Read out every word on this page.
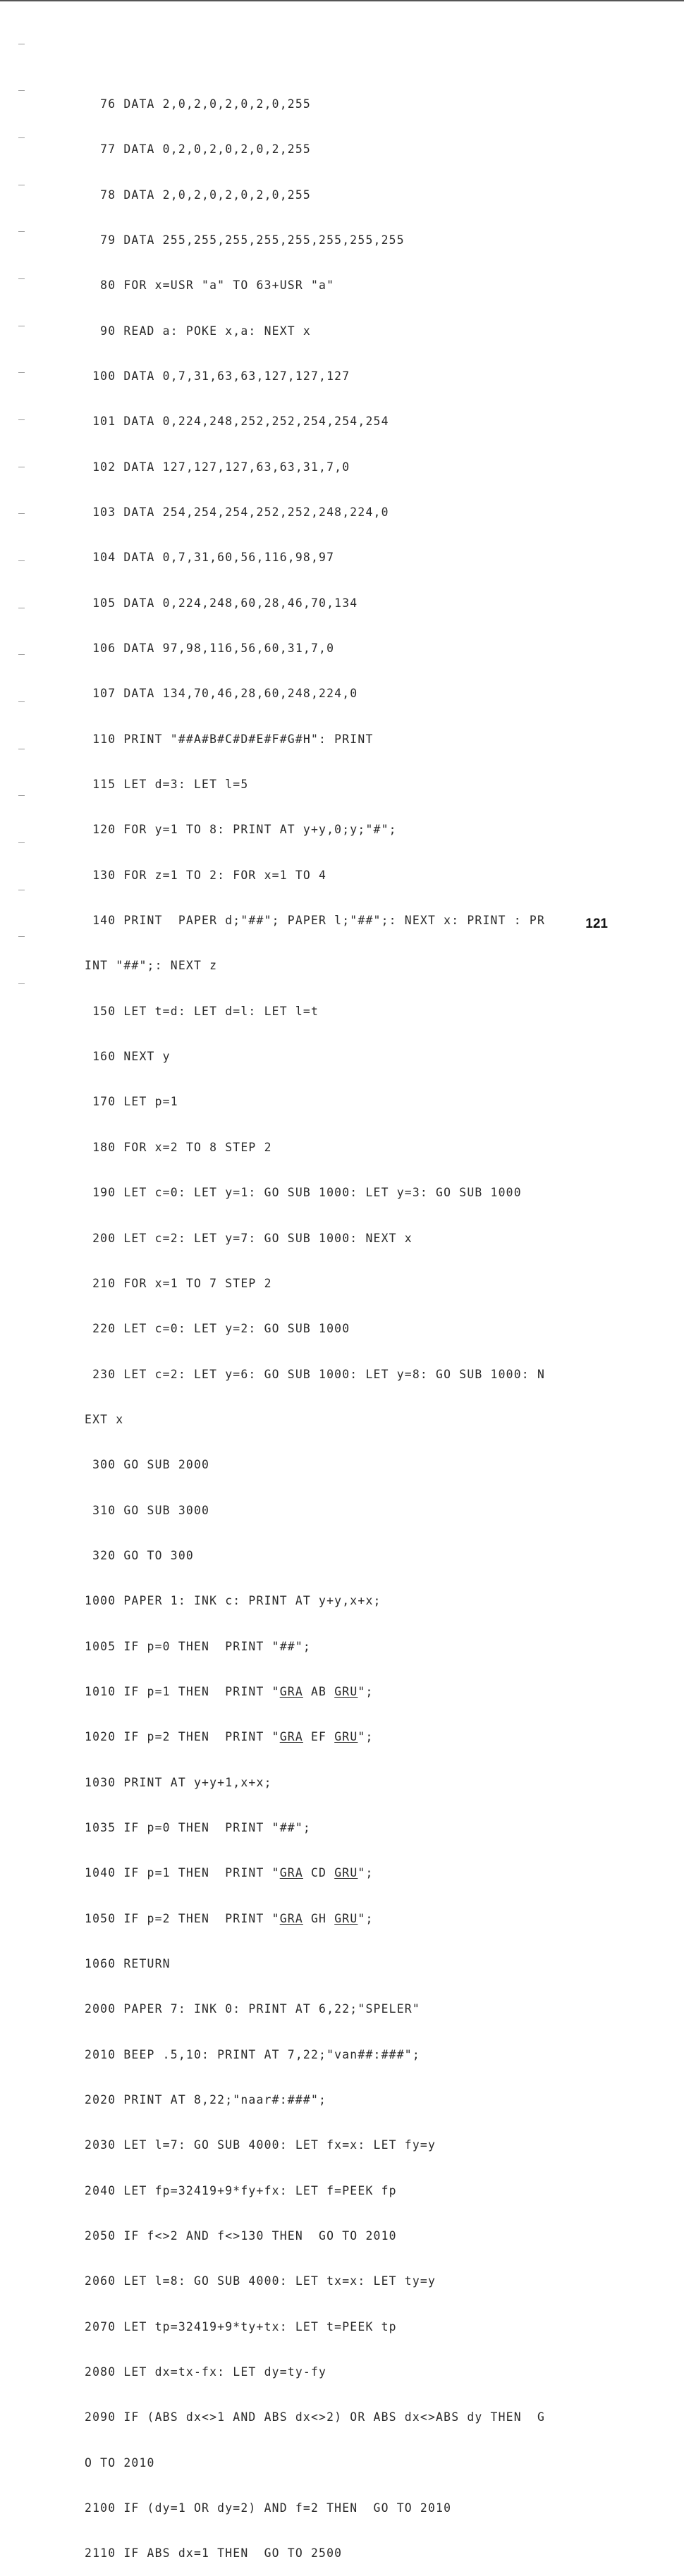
76 DATA 2,0,2,0,2,0,2,0,255

77 DATA 0,2,0,2,0,2,0,2,255

78 DATA 2,0,2,0,2,0,2,0,255

79 DATA 255,255,255,255,255,255,255,255

80 FOR x=USR "a" TO 63+USR "a"

90 READ a: POKE x,a: NEXT x

100 DATA 0,7,31,63,63,127,127,127

101 DATA 0,224,248,252,252,254,254,254

102 DATA 127,127,127,63,63,31,7,0

103 DATA 254,254,254,252,252,248,224,0

104 DATA 0,7,31,60,56,116,98,97

105 DATA 0,224,248,60,28,46,70,134

106 DATA 97,98,116,56,60,31,7,0

107 DATA 134,70,46,28,60,248,224,0

110 PRINT "##A#B#C#D#E#F#G#H": PRINT

115 LET d=3: LET l=5

120 FOR y=1 TO 8: PRINT AT y+y,0;y;"#";

130 FOR z=1 TO 2: FOR x=1 TO 4

140 PRINT  PAPER d;"##"; PAPER l;"##";: NEXT x: PRINT : PR

INT "##";: NEXT z

150 LET t=d: LET d=l: LET l=t

160 NEXT y

170 LET p=1

180 FOR x=2 TO 8 STEP 2

190 LET c=0: LET y=1: GO SUB 1000: LET y=3: GO SUB 1000

200 LET c=2: LET y=7: GO SUB 1000: NEXT x

210 FOR x=1 TO 7 STEP 2

220 LET c=0: LET y=2: GO SUB 1000

230 LET c=2: LET y=6: GO SUB 1000: LET y=8: GO SUB 1000: N

EXT x

300 GO SUB 2000

310 GO SUB 3000

320 GO TO 300

1000 PAPER 1: INK c: PRINT AT y+y,x+x;

1005 IF p=0 THEN  PRINT "##";

1010 IF p=1 THEN  PRINT "GRA AB GRU";

1020 IF p=2 THEN  PRINT "GRA EF GRU";

1030 PRINT AT y+y+1,x+x;

1035 IF p=0 THEN  PRINT "##";

1040 IF p=1 THEN  PRINT "GRA CD GRU";

1050 IF p=2 THEN  PRINT "GRA GH GRU";

1060 RETURN

2000 PAPER 7: INK 0: PRINT AT 6,22;"SPELER"

2010 BEEP .5,10: PRINT AT 7,22;"van##:###";

2020 PRINT AT 8,22;"naar#:###";

2030 LET l=7: GO SUB 4000: LET fx=x: LET fy=y

2040 LET fp=32419+9*fy+fx: LET f=PEEK fp

2050 IF f<>2 AND f<>130 THEN  GO TO 2010

2060 LET l=8: GO SUB 4000: LET tx=x: LET ty=y

2070 LET tp=32419+9*ty+tx: LET t=PEEK tp

2080 LET dx=tx-fx: LET dy=ty-fy

2090 IF (ABS dx<>1 AND ABS dx<>2) OR ABS dx<>ABS dy THEN  G

O TO 2010

2100 IF (dy=1 OR dy=2) AND f=2 THEN  GO TO 2010

2110 IF ABS dx=1 THEN  GO TO 2500

121
